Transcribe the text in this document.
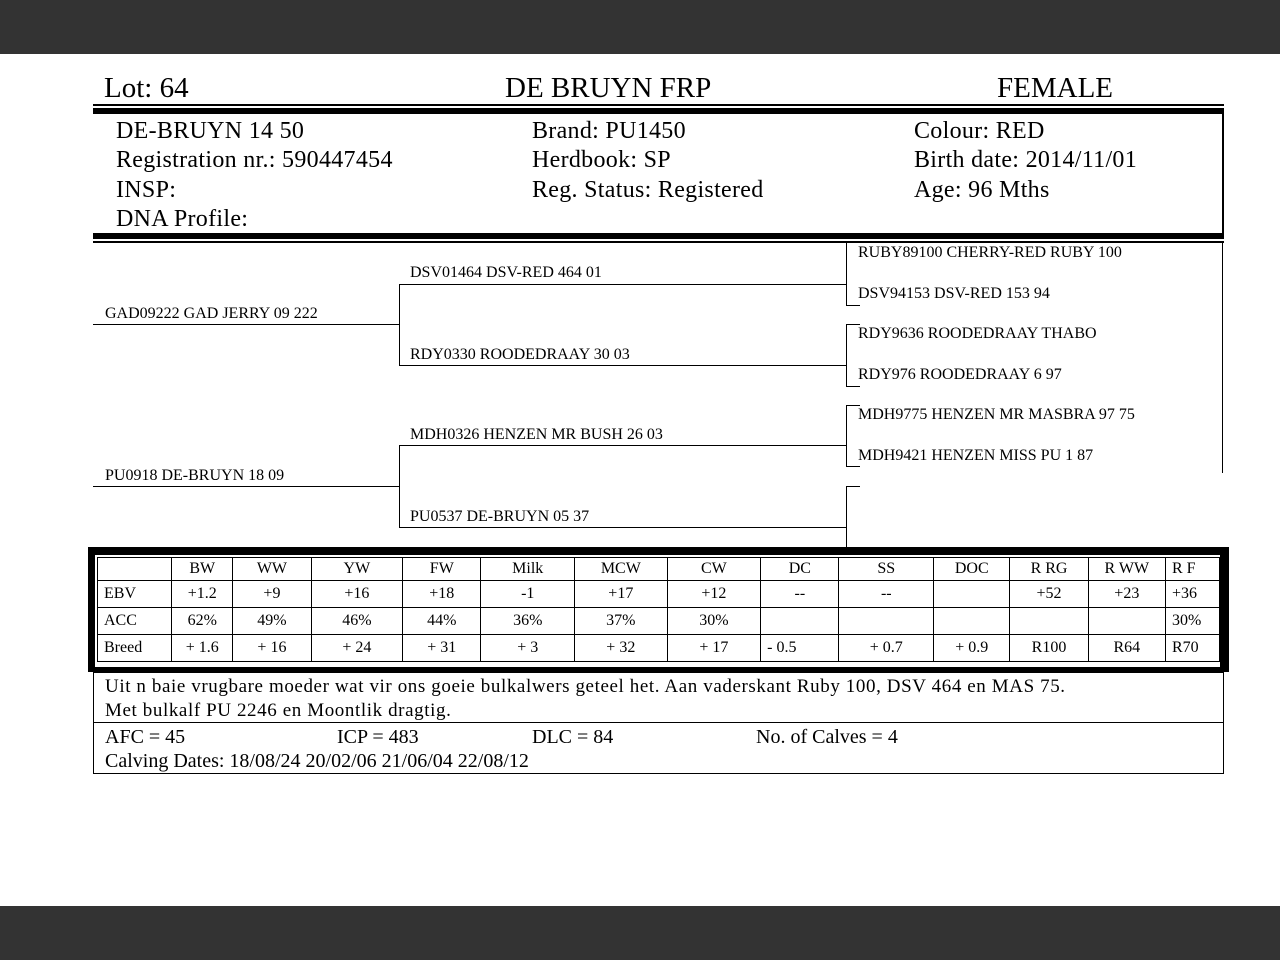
Lot: 64	DE BRUYN FRP	FEMALE
DE-BRUYN 14 50
Registration nr.: 590447454
INSP:
DNA Profile:
Brand: PU1450
Herdbook: SP
Reg. Status: Registered
Colour: RED
Birth date: 2014/11/01
Age: 96 Mths
DSV01464 DSV-RED 464 01
GAD09222 GAD JERRY 09 222
RDY0330 ROODEDRAAY 30 03
MDH0326 HENZEN MR BUSH 26 03
PU0918 DE-BRUYN 18 09
PU0537 DE-BRUYN 05 37
RUBY89100 CHERRY-RED RUBY 100
DSV94153 DSV-RED 153 94
RDY9636 ROODEDRAAY THABO
RDY976 ROODEDRAAY 6 97
MDH9775 HENZEN MR MASBRA 97 75
MDH9421 HENZEN MISS PU 1 87
	BW	WW	YW	FW	Milk	MCW	CW	DC	SS	DOC	R RG	R WW	R F
EBV	+1.2	+9	+16	+18	-1	+17	+12	--	--		+52	+23	+36
ACC	62%	49%	46%	44%	36%	37%	30%						30%
Breed	+ 1.6	+ 16	+ 24	+ 31	+ 3	+ 32	+ 17	- 0.5	+ 0.7	+ 0.9	R100	R64	R70
Uit n baie vrugbare moeder wat vir ons goeie bulkalwers geteel het. Aan vaderskant Ruby 100, DSV 464 en MAS 75.
Met bulkalf PU 2246 en Moontlik dragtig.
AFC = 45	ICP = 483	DLC = 84	No. of Calves = 4
Calving Dates: 18/08/24 20/02/06 21/06/04 22/08/12
